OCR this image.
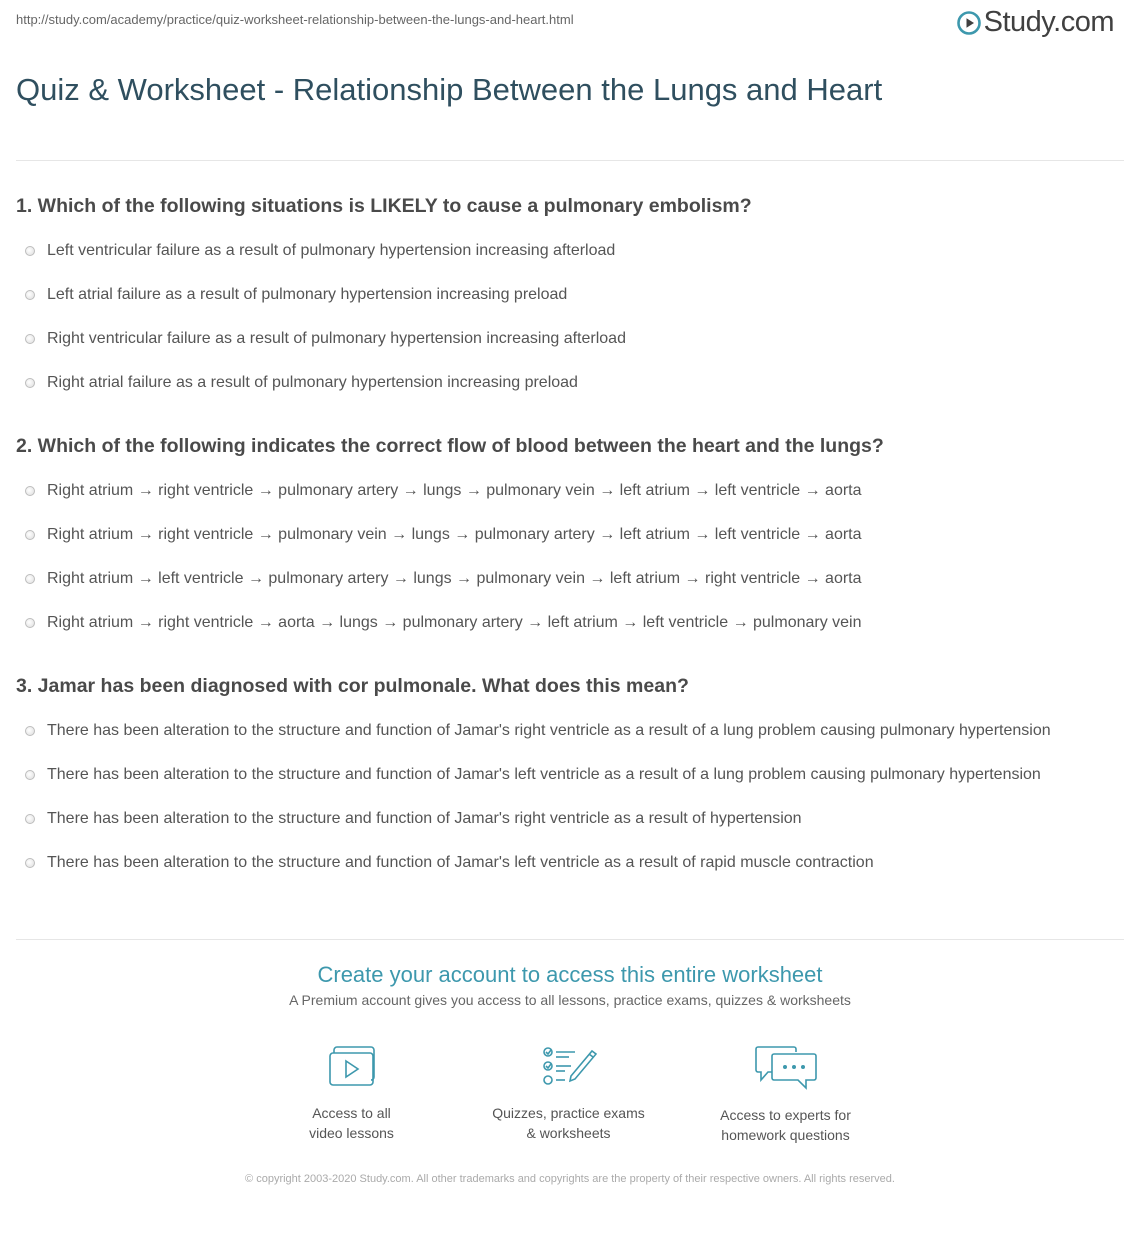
http://study.com/academy/practice/quiz-worksheet-relationship-between-the-lungs-and-heart.html	Study.com
Quiz & Worksheet - Relationship Between the Lungs and Heart

1. Which of the following situations is LIKELY to cause a pulmonary embolism?

Left ventricular failure as a result of pulmonary hypertension increasing afterload
Left atrial failure as a result of pulmonary hypertension increasing preload
Right ventricular failure as a result of pulmonary hypertension increasing afterload
Right atrial failure as a result of pulmonary hypertension increasing preload

2. Which of the following indicates the correct flow of blood between the heart and the lungs?

Right atrium → right ventricle → pulmonary artery → lungs → pulmonary vein → left atrium → left ventricle → aorta
Right atrium → right ventricle → pulmonary vein → lungs → pulmonary artery → left atrium → left ventricle → aorta
Right atrium → left ventricle → pulmonary artery → lungs → pulmonary vein → left atrium → right ventricle → aorta
Right atrium → right ventricle → aorta → lungs → pulmonary artery → left atrium → left ventricle → pulmonary vein

3. Jamar has been diagnosed with cor pulmonale. What does this mean?

There has been alteration to the structure and function of Jamar's right ventricle as a result of a lung problem causing pulmonary hypertension
There has been alteration to the structure and function of Jamar's left ventricle as a result of a lung problem causing pulmonary hypertension
There has been alteration to the structure and function of Jamar's right ventricle as a result of hypertension
There has been alteration to the structure and function of Jamar's left ventricle as a result of rapid muscle contraction
Create your account to access this entire worksheet
A Premium account gives you access to all lessons, practice exams, quizzes & worksheets
Access to all
video lessons
Quizzes, practice exams
& worksheets
Access to experts for
homework questions
© copyright 2003-2020 Study.com. All other trademarks and copyrights are the property of their respective owners. All rights reserved.
